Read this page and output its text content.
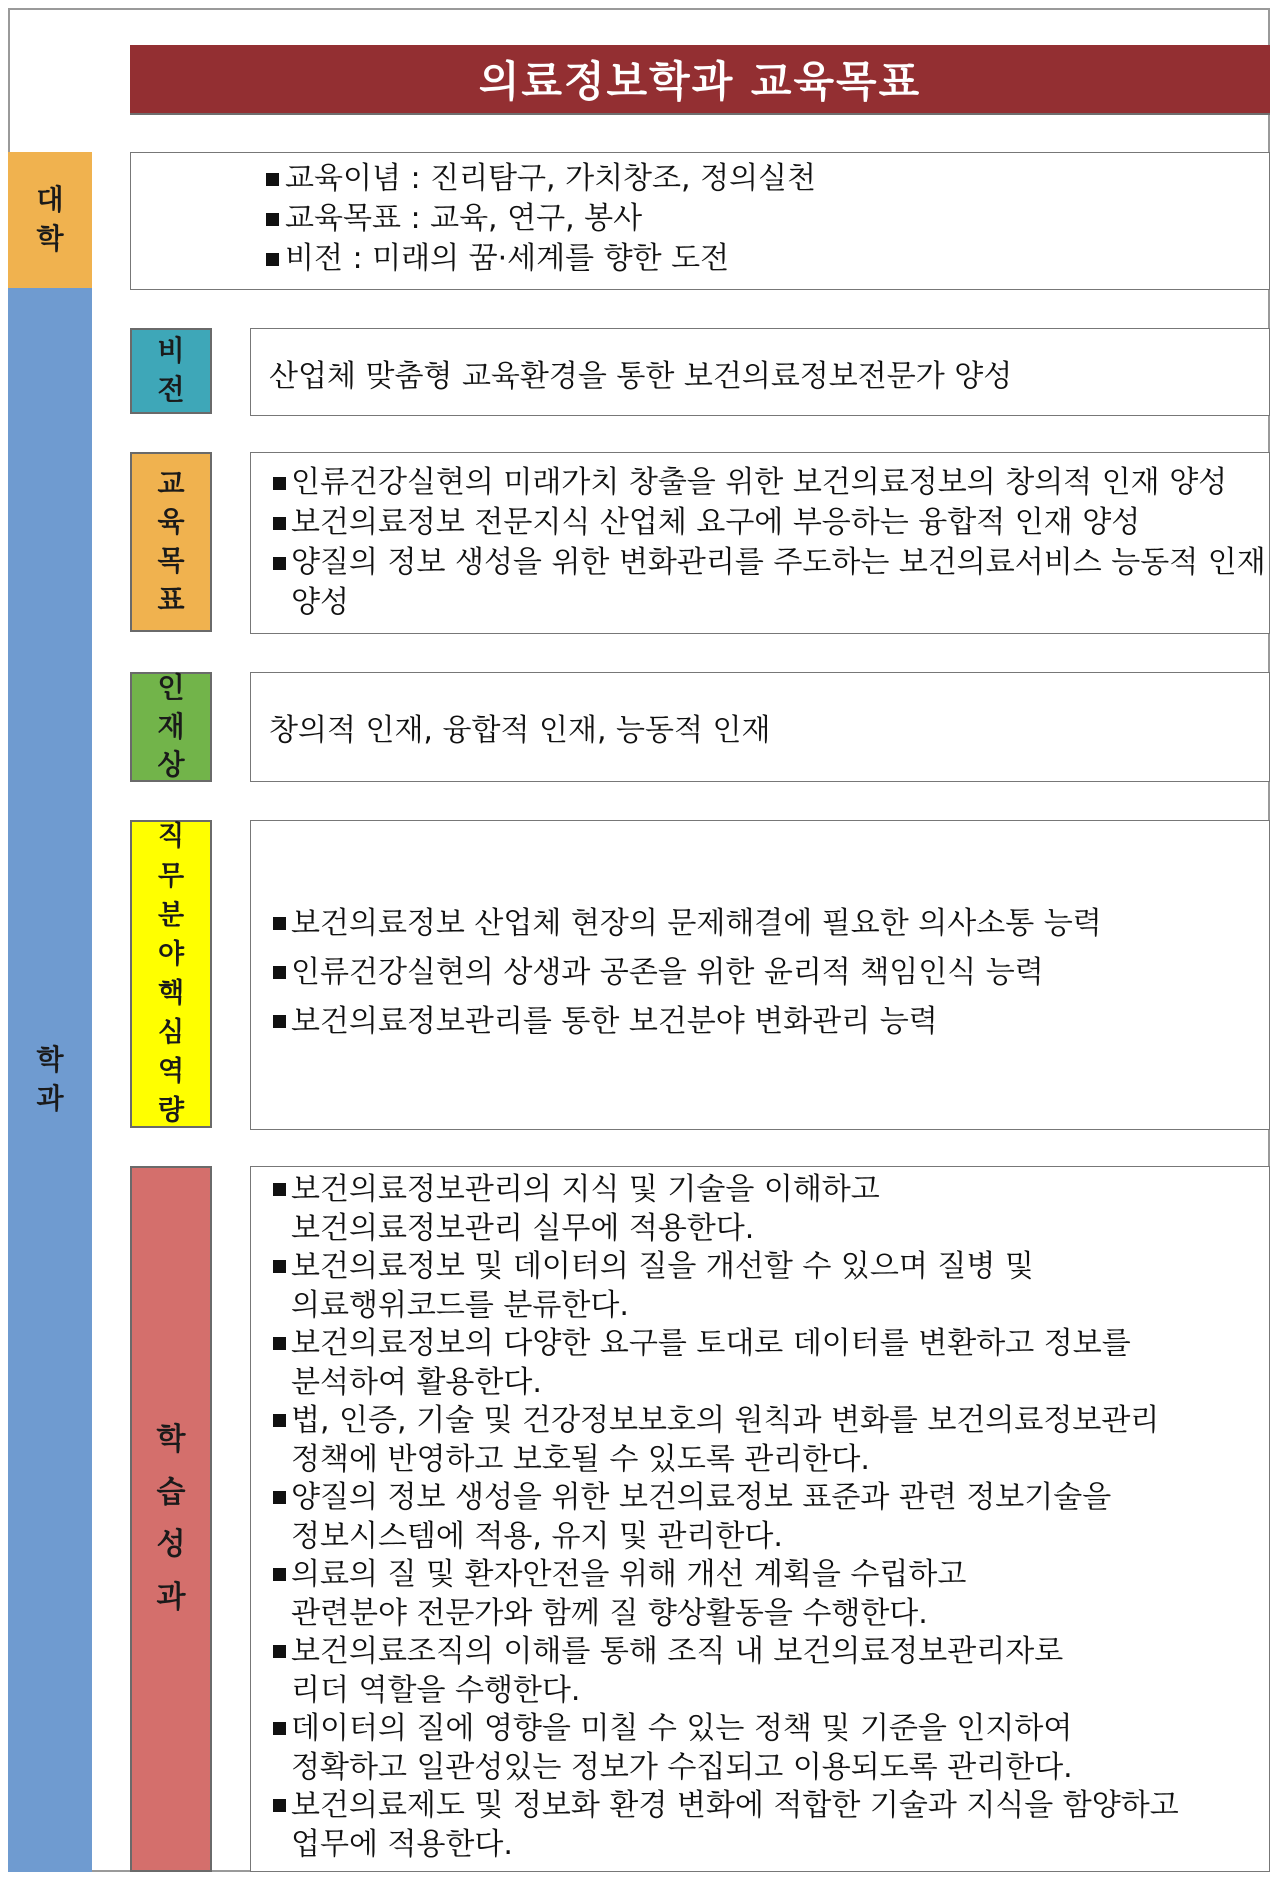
의료정보학과 교육목표
대
학
학
과
교육이념 : 진리탐구, 가치창조, 정의실천
교육목표 : 교육, 연구, 봉사
비전 : 미래의 꿈·세계를 향한 도전
비
전	산업체 맞춤형 교육환경을 통한 보건의료정보전문가 양성
교
육
목
표
인류건강실현의 미래가치 창출을 위한 보건의료정보의 창의적 인재 양성
보건의료정보 전문지식 산업체 요구에 부응하는 융합적 인재 양성
양질의 정보 생성을 위한 변화관리를 주도하는 보건의료서비스 능동적 인재
양성
인
재
상
창의적 인재, 융합적 인재, 능동적 인재
직
무
분
야
핵
심
역
량
보건의료정보 산업체 현장의 문제해결에 필요한 의사소통 능력
인류건강실현의 상생과 공존을 위한 윤리적 책임인식 능력
보건의료정보관리를 통한 보건분야 변화관리 능력
학
습
성
과
보건의료정보관리의 지식 및 기술을 이해하고
보건의료정보관리 실무에 적용한다.
보건의료정보 및 데이터의 질을 개선할 수 있으며 질병 및
의료행위코드를 분류한다.
보건의료정보의 다양한 요구를 토대로 데이터를 변환하고 정보를
분석하여 활용한다.
법, 인증, 기술 및 건강정보보호의 원칙과 변화를 보건의료정보관리
정책에 반영하고 보호될 수 있도록 관리한다.
양질의 정보 생성을 위한 보건의료정보 표준과 관련 정보기술을
정보시스템에 적용, 유지 및 관리한다.
의료의 질 및 환자안전을 위해 개선 계획을 수립하고
관련분야 전문가와 함께 질 향상활동을 수행한다.
보건의료조직의 이해를 통해 조직 내 보건의료정보관리자로
리더 역할을 수행한다.
데이터의 질에 영향을 미칠 수 있는 정책 및 기준을 인지하여
정확하고 일관성있는 정보가 수집되고 이용되도록 관리한다.
보건의료제도 및 정보화 환경 변화에 적합한 기술과 지식을 함양하고
업무에 적용한다.
